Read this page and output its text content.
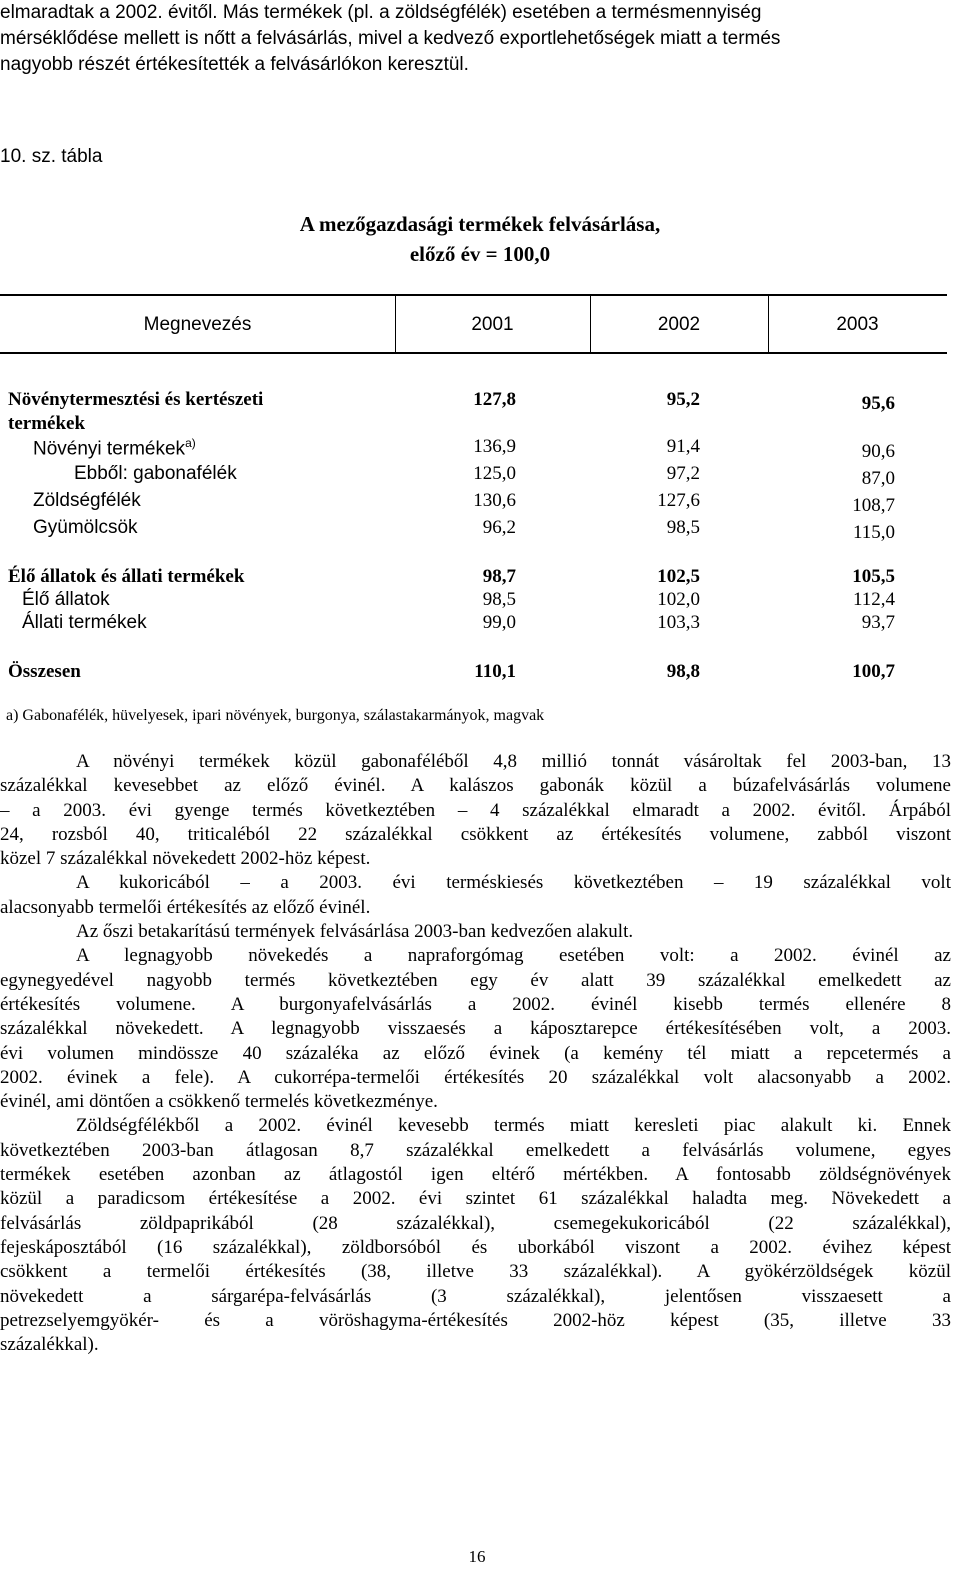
elmaradtak a 2002. évitől. Más termékek (pl. a zöldségfélék) esetében a termésmennyiség
mérséklődése mellett is nőtt a felvásárlás, mivel a kedvező exportlehetőségek miatt a termés
nagyobb részét értékesítették a felvásárlókon keresztül.
10. sz. tábla
A mezőgazdasági termékek felvásárlása,
előző év = 100,0
Megnevezés	2001	2002	2003
Növénytermesztési és kertészeti
termékek
127,8	95,2	95,6
Növényi termékek$^{a)}$	136,9	91,4	90,6
Ebből: gabonafélék	125,0	97,2	87,0
Zöldségfélék	130,6	127,6	108,7
Gyümölcsök	96,2	98,5	115,0
Élő állatok és állati termékek	98,7	102,5	105,5
Élő állatok	98,5	102,0	112,4
Állati termékek	99,0	103,3	93,7
Összesen	110,1	98,8	100,7
a) Gabonafélék, hüvelyesek, ipari növények, burgonya, szálastakarmányok, magvak
A növényi termékek közül gabonaféléből 4,8 millió tonnát vásároltak fel 2003-ban, 13
százalékkal kevesebbet az előző évinél. A kalászos gabonák közül a búzafelvásárlás volumene
– a 2003. évi gyenge termés következtében – 4 százalékkal elmaradt a 2002. évitől. Árpából
24, rozsból 40, triticaléból 22 százalékkal csökkent az értékesítés volumene, zabból viszont
közel 7 százalékkal növekedett 2002-höz képest.
A kukoricából – a 2003. évi terméskiesés következtében – 19 százalékkal volt
alacsonyabb termelői értékesítés az előző évinél.
Az őszi betakarítású termények felvásárlása 2003-ban kedvezően alakult.
A legnagyobb növekedés a napraforgómag esetében volt: a 2002. évinél az
egynegyedével nagyobb termés következtében egy év alatt 39 százalékkal emelkedett az
értékesítés volumene. A burgonyafelvásárlás a 2002. évinél kisebb termés ellenére 8
százalékkal növekedett. A legnagyobb visszaesés a káposztarepce értékesítésében volt, a 2003.
évi volumen mindössze 40 százaléka az előző évinek (a kemény tél miatt a repcetermés a
2002. évinek a fele). A cukorrépa-termelői értékesítés 20 százalékkal volt alacsonyabb a 2002.
évinél, ami döntően a csökkenő termelés következménye.
Zöldségfélékből a 2002. évinél kevesebb termés miatt keresleti piac alakult ki. Ennek
következtében 2003-ban átlagosan 8,7 százalékkal emelkedett a felvásárlás volumene, egyes
termékek esetében azonban az átlagostól igen eltérő mértékben. A fontosabb zöldségnövények
közül a paradicsom értékesítése a 2002. évi szintet 61 százalékkal haladta meg. Növekedett a
felvásárlás zöldpaprikából (28 százalékkal), csemegekukoricából (22 százalékkal),
fejeskáposztából (16 százalékkal), zöldborsóból és uborkából viszont a 2002. évihez képest
csökkent a termelői értékesítés (38, illetve 33 százalékkal). A gyökérzöldségek közül
növekedett a sárgarépa-felvásárlás (3 százalékkal), jelentősen visszaesett a
petrezselyemgyökér- és a vöröshagyma-értékesítés 2002-höz képest (35, illetve 33
százalékkal).
16
